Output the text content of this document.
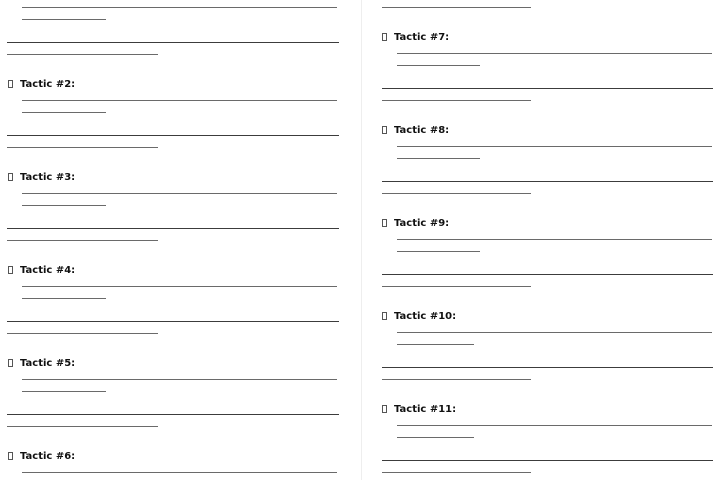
Tactic #2:
Tactic #3:
Tactic #4:
Tactic #5:
Tactic #6:
Tactic #7:
Tactic #8:
Tactic #9:
Tactic #10:
Tactic #11:
